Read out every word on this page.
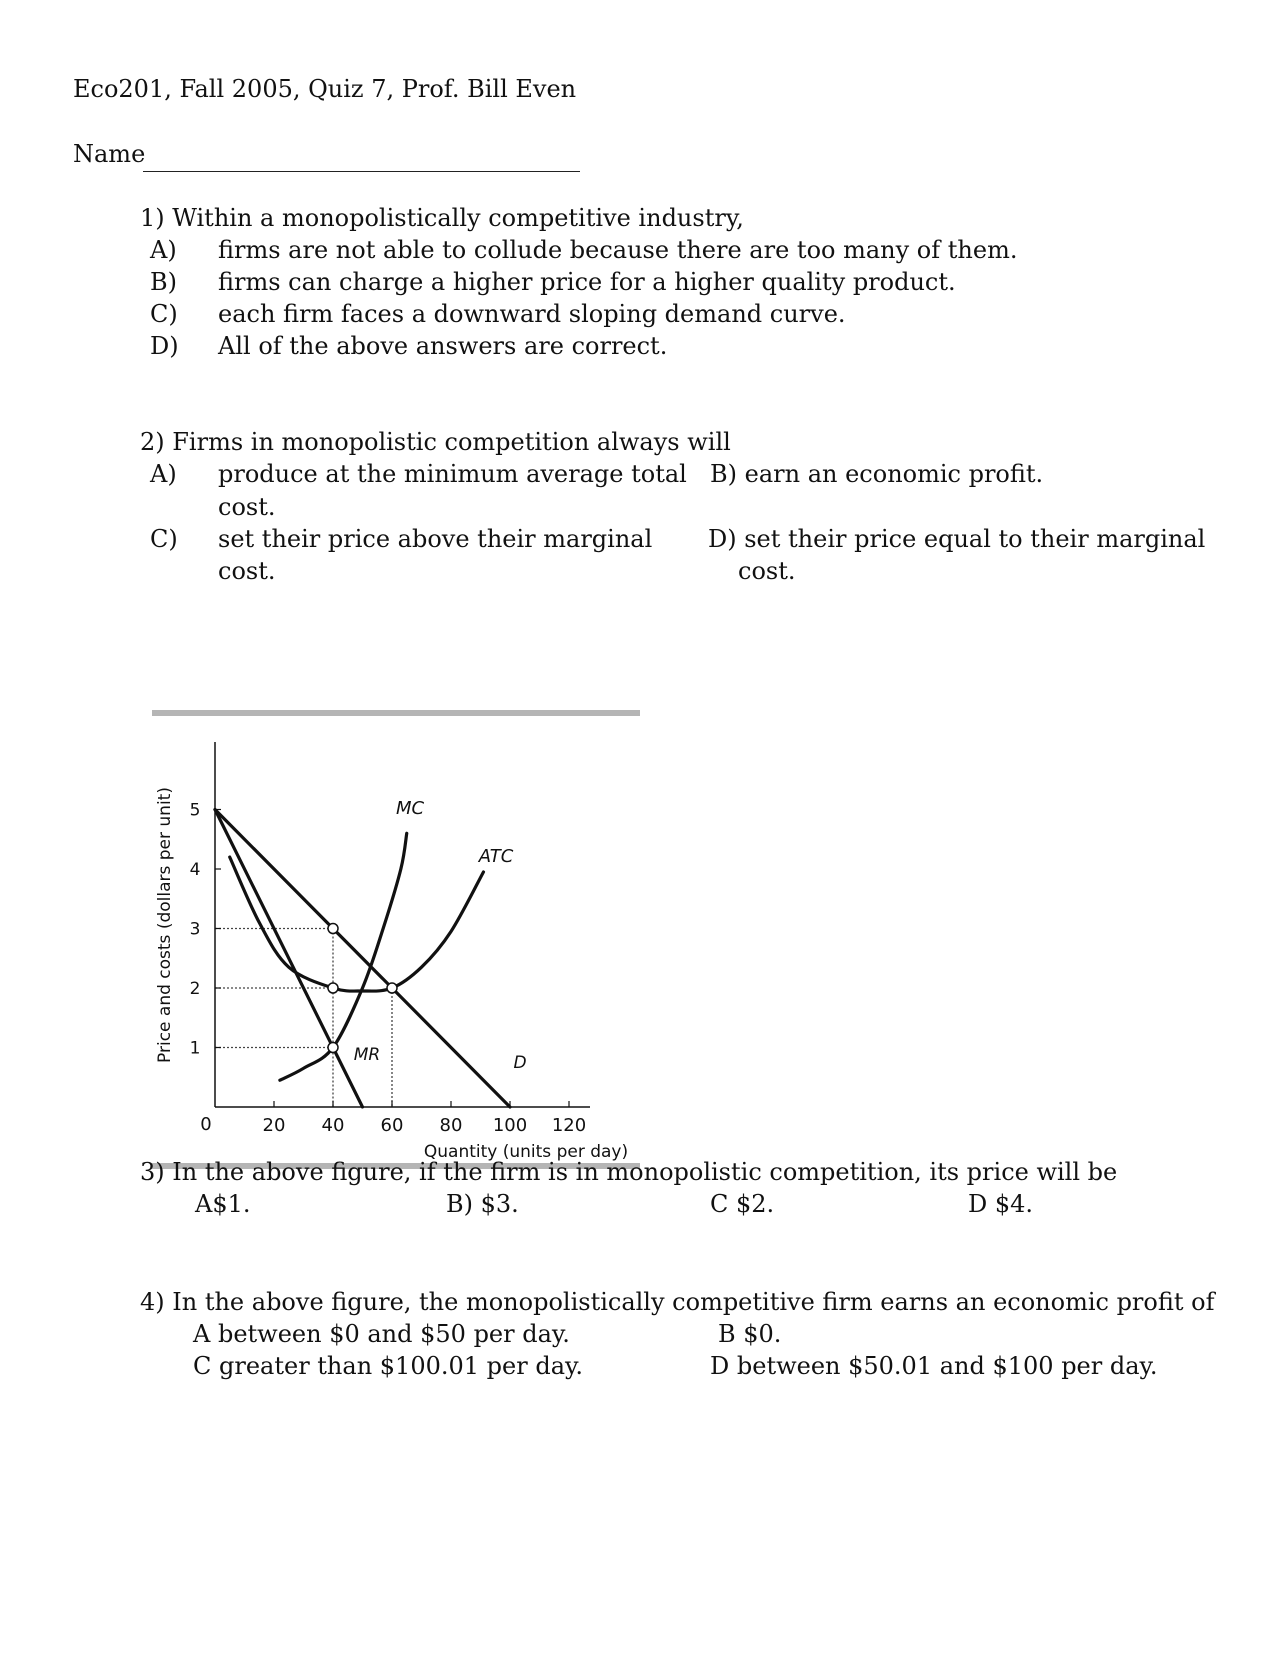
Eco201, Fall 2005, Quiz 7, Prof. Bill Even
Name
1) Within a monopolistically competitive industry,
A) firms are not able to collude because there are too many of them.
B) firms can charge a higher price for a higher quality product.
C) each firm faces a downward sloping demand curve.
D) All of the above answers are correct.
2) Firms in monopolistic competition always will
A) produce at the minimum average total
cost.
B) earn an economic profit.
C) set their price above their marginal
cost.
D) set their price equal to their marginal
cost.
20 40 60 80 100 120
1
2
3
4
5
Price and costs (dollars per unit)
Quantity (units per day)
0
MC
ATC
MR	D
3) In the above figure, if the firm is in monopolistic competition, its price will be
A$1.	B) $3.	C $2.	D $4.
4) In the above figure, the monopolistically competitive firm earns an economic profit of
A between $0 and $50 per day.	B $0.
C greater than $100.01 per day.	D between $50.01 and $100 per day.
